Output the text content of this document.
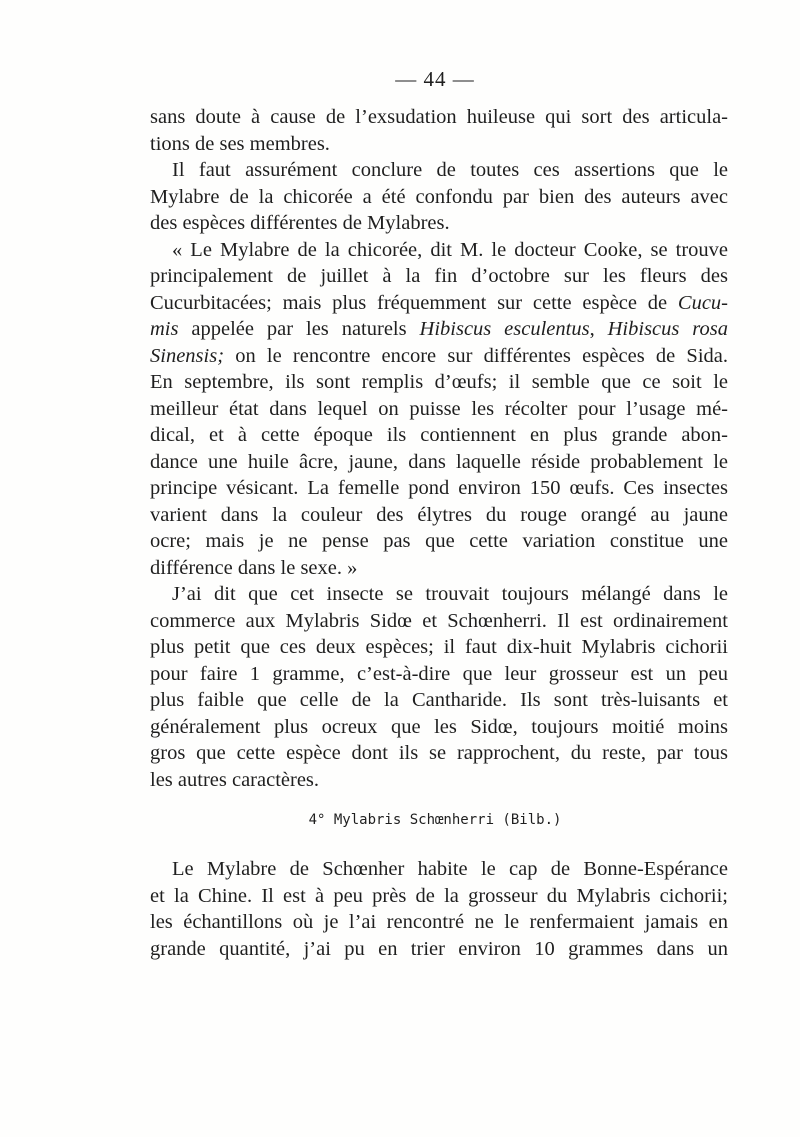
— 44 —
sans doute à cause de l’exsudation huileuse qui sort des articula-
tions de ses membres.
Il faut assurément conclure de toutes ces assertions que le
Mylabre de la chicorée a été confondu par bien des auteurs avec
des espèces différentes de Mylabres.
« Le Mylabre de la chicorée, dit M. le docteur Cooke, se trouve
principalement de juillet à la fin d’octobre sur les fleurs des
Cucurbitacées; mais plus fréquemment sur cette espèce de Cucu-
mis appelée par les naturels Hibiscus esculentus, Hibiscus rosa
Sinensis; on le rencontre encore sur différentes espèces de Sida.
En septembre, ils sont remplis d’œufs; il semble que ce soit le
meilleur état dans lequel on puisse les récolter pour l’usage mé-
dical, et à cette époque ils contiennent en plus grande abon-
dance une huile âcre, jaune, dans laquelle réside probablement le
principe vésicant. La femelle pond environ 150 œufs. Ces insectes
varient dans la couleur des élytres du rouge orangé au jaune
ocre; mais je ne pense pas que cette variation constitue une
différence dans le sexe. »
J’ai dit que cet insecte se trouvait toujours mélangé dans le
commerce aux Mylabris Sidœ et Schœnherri. Il est ordinairement
plus petit que ces deux espèces; il faut dix-huit Mylabris cichorii
pour faire 1 gramme, c’est-à-dire que leur grosseur est un peu
plus faible que celle de la Cantharide. Ils sont très-luisants et
généralement plus ocreux que les Sidœ, toujours moitié moins
gros que cette espèce dont ils se rapprochent, du reste, par tous
les autres caractères.
4° Mylabris Schœnherri (Bilb.)
Le Mylabre de Schœnher habite le cap de Bonne-Espérance
et la Chine. Il est à peu près de la grosseur du Mylabris cichorii;
les échantillons où je l’ai rencontré ne le renfermaient jamais en
grande quantité, j’ai pu en trier environ 10 grammes dans un
